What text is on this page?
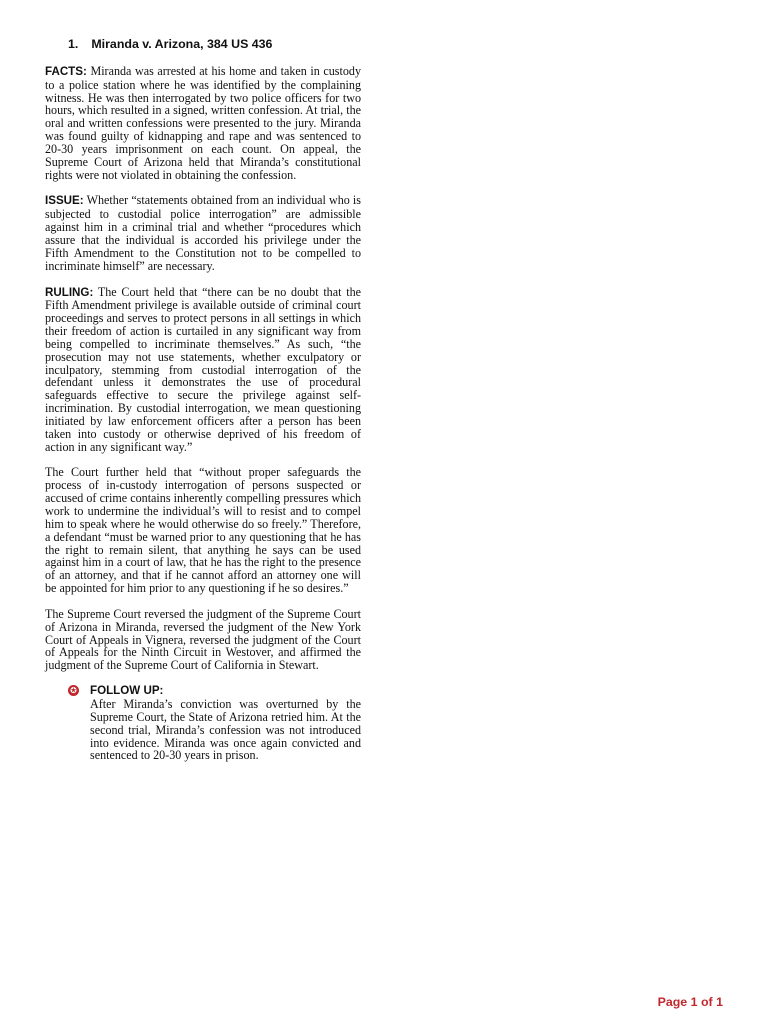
1. Miranda v. Arizona, 384 US 436

FACTS: Miranda was arrested at his home and taken in custody to a police station where he was identified by the complaining witness. He was then interrogated by two police officers for two hours, which resulted in a signed, written confession. At trial, the oral and written confessions were presented to the jury. Miranda was found guilty of kidnapping and rape and was sentenced to 20-30 years imprisonment on each count. On appeal, the Supreme Court of Arizona held that Miranda’s constitutional rights were not violated in obtaining the confession.

ISSUE: Whether “statements obtained from an individual who is subjected to custodial police interrogation” are admissible against him in a criminal trial and whether “procedures which assure that the individual is accorded his privilege under the Fifth Amendment to the Constitution not to be compelled to incriminate himself” are necessary.

RULING: The Court held that “there can be no doubt that the Fifth Amendment privilege is available outside of criminal court proceedings and serves to protect persons in all settings in which their freedom of action is curtailed in any significant way from being compelled to incriminate themselves.” As such, “the prosecution may not use statements, whether exculpatory or inculpatory, stemming from custodial interrogation of the defendant unless it demonstrates the use of procedural safeguards effective to secure the privilege against self-incrimination. By custodial interrogation, we mean questioning initiated by law enforcement officers after a person has been taken into custody or otherwise deprived of his freedom of action in any significant way.”

The Court further held that “without proper safeguards the process of in-custody interrogation of persons suspected or accused of crime contains inherently compelling pressures which work to undermine the individual’s will to resist and to compel him to speak where he would otherwise do so freely.” Therefore, a defendant “must be warned prior to any questioning that he has the right to remain silent, that anything he says can be used against him in a court of law, that he has the right to the presence of an attorney, and that if he cannot afford an attorney one will be appointed for him prior to any questioning if he so desires.”

The Supreme Court reversed the judgment of the Supreme Court of Arizona in Miranda, reversed the judgment of the New York Court of Appeals in Vignera, reversed the judgment of the Court of Appeals for the Ninth Circuit in Westover, and affirmed the judgment of the Supreme Court of California in Stewart.

✪ FOLLOW UP:
After Miranda’s conviction was overturned by the Supreme Court, the State of Arizona retried him. At the second trial, Miranda’s confession was not introduced into evidence. Miranda was once again convicted and sentenced to 20-30 years in prison.
Page 1 of 1
